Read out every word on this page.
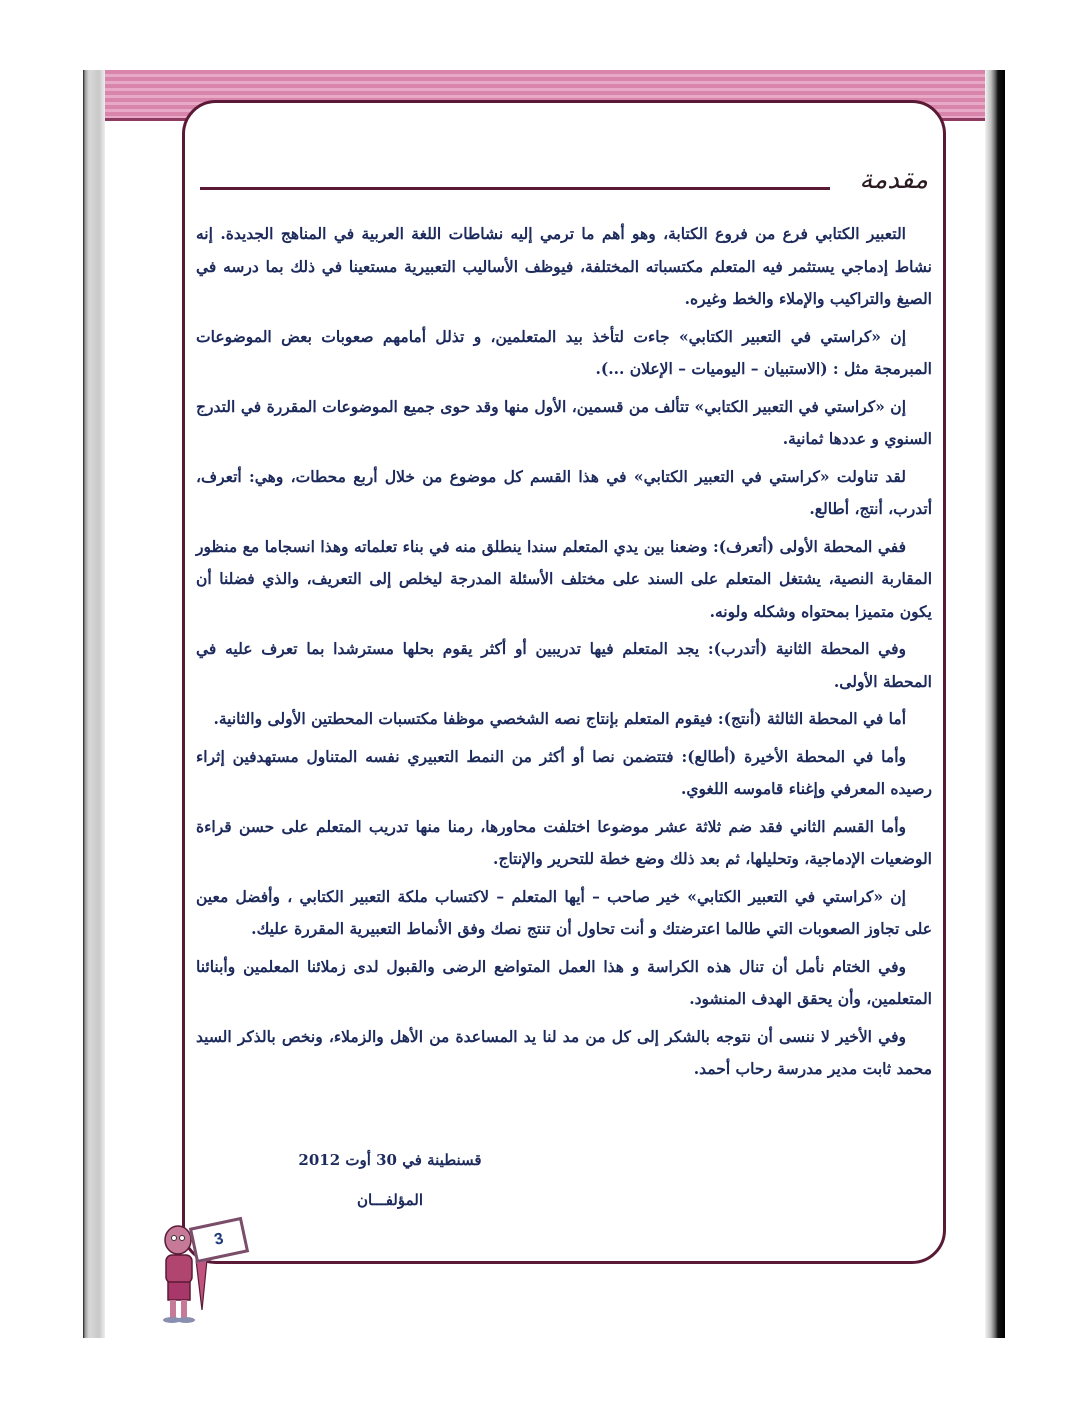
مقدمة

التعبير الكتابي فرع من فروع الكتابة، وهو أهم ما ترمي إليه نشاطات اللغة العربية في المناهج الجديدة. إنه نشاط إدماجي يستثمر فيه المتعلم مكتسباته المختلفة، فيوظف الأساليب التعبيرية مستعينا في ذلك بما درسه في الصيغ والتراكيب والإملاء والخط وغيره.

إن «كراستي في التعبير الكتابي» جاءت لتأخذ بيد المتعلمين، و تذلل أمامهم صعوبات بعض الموضوعات المبرمجة مثل : (الاستبيان – اليوميات – الإعلان ...).

إن «كراستي في التعبير الكتابي» تتألف من قسمين، الأول منها وقد حوى جميع الموضوعات المقررة في التدرج السنوي و عددها ثمانية.

لقد تناولت «كراستي في التعبير الكتابي» في هذا القسم كل موضوع من خلال أربع محطات، وهي: أتعرف، أتدرب، أنتج، أطالع.

ففي المحطة الأولى (أتعرف): وضعنا بين يدي المتعلم سندا ينطلق منه في بناء تعلماته وهذا انسجاما مع منظور المقاربة النصية، يشتغل المتعلم على السند على مختلف الأسئلة المدرجة ليخلص إلى التعريف، والذي فضلنا أن يكون متميزا بمحتواه وشكله ولونه.

وفي المحطة الثانية (أتدرب): يجد المتعلم فيها تدريبين أو أكثر يقوم بحلها مسترشدا بما تعرف عليه في المحطة الأولى.

أما في المحطة الثالثة (أنتج): فيقوم المتعلم بإنتاج نصه الشخصي موظفا مكتسبات المحطتين الأولى والثانية.

وأما في المحطة الأخيرة (أطالع): فتتضمن نصا أو أكثر من النمط التعبيري نفسه المتناول مستهدفين إثراء رصيده المعرفي وإغناء قاموسه اللغوي.

وأما القسم الثاني فقد ضم ثلاثة عشر موضوعا اختلفت محاورها، رمنا منها تدريب المتعلم على حسن قراءة الوضعيات الإدماجية، وتحليلها، ثم بعد ذلك وضع خطة للتحرير والإنتاج.

إن «كراستي في التعبير الكتابي» خير صاحب – أيها المتعلم – لاكتساب ملكة التعبير الكتابي ، وأفضل معين على تجاوز الصعوبات التي طالما اعترضتك و أنت تحاول أن تنتج نصك وفق الأنماط التعبيرية المقررة عليك.

وفي الختام نأمل أن تنال هذه الكراسة و هذا العمل المتواضع الرضى والقبول لدى زملائنا المعلمين وأبنائنا المتعلمين، وأن يحقق الهدف المنشود.

وفي الأخير لا ننسى أن نتوجه بالشكر إلى كل من مد لنا يد المساعدة من الأهل والزملاء، ونخص بالذكر السيد محمد ثابت مدير مدرسة رحاب أحمد.

قسنطينة في 30 أوت 2012
المؤلفـــان
3
